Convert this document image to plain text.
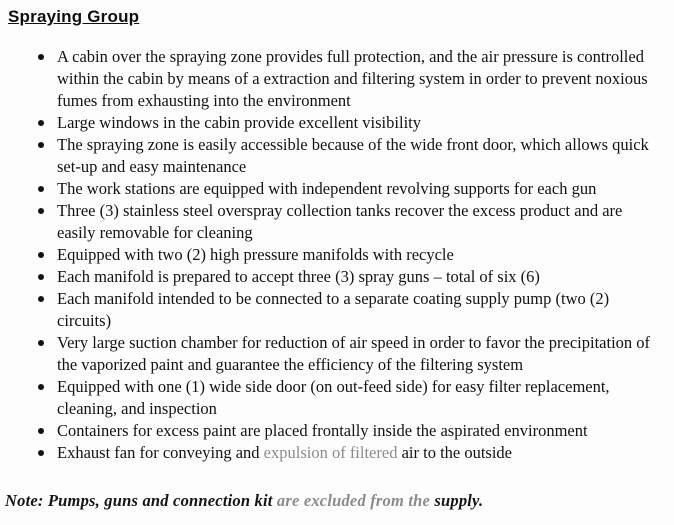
Spraying Group
A cabin over the spraying zone provides full protection, and the air pressure is controlled within the cabin by means of a extraction and filtering system in order to prevent noxious fumes from exhausting into the environment
Large windows in the cabin provide excellent visibility
The spraying zone is easily accessible because of the wide front door, which allows quick set-up and easy maintenance
The work stations are equipped with independent revolving supports for each gun
Three (3) stainless steel overspray collection tanks recover the excess product and are easily removable for cleaning
Equipped with two (2) high pressure manifolds with recycle
Each manifold is prepared to accept three (3) spray guns – total of six (6)
Each manifold intended to be connected to a separate coating supply pump (two (2) circuits)
Very large suction chamber for reduction of air speed in order to favor the precipitation of the vaporized paint and guarantee the efficiency of the filtering system
Equipped with one (1) wide side door (on out-feed side) for easy filter replacement, cleaning, and inspection
Containers for excess paint are placed frontally inside the aspirated environment
Exhaust fan for conveying and expulsion of filtered air to the outside

Note: Pumps, guns and connection kit are excluded from the supply.
